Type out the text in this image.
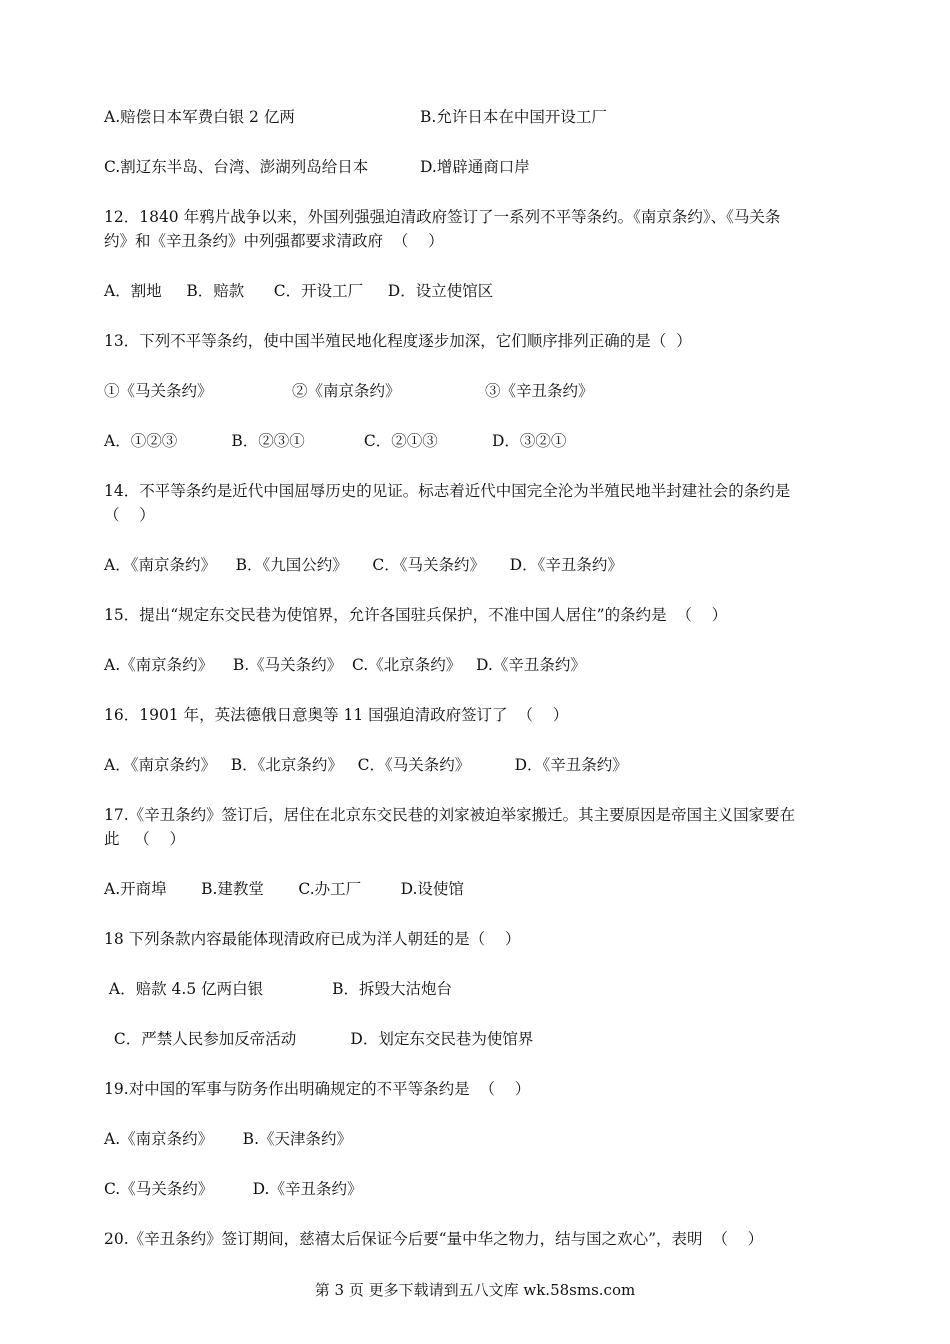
A.赔偿日本军费白银 2 亿两	B.允许日本在中国开设工厂
C.割辽东半岛、台湾、澎湖列岛给日本	D.增辟通商口岸
12．1840 年鸦片战争以来，外国列强强迫清政府签订了一系列不平等条约。《南京条约》、《马关条
约》和《辛丑条约》中列强都要求清政府  （    ）
A．割地     B．赔款      C．开设工厂     D．设立使馆区
13．下列不平等条约，使中国半殖民地化程度逐步加深，它们顺序排列正确的是（  ）
①《马关条约》	②《南京条约》	③《辛丑条约》
A．①②③           B．②③①            C．②①③           D．③②①
14．不平等条约是近代中国屈辱历史的见证。标志着近代中国完全沦为半殖民地半封建社会的条约是
（    ）
A．《南京条约》    B．《九国公约》     C．《马关条约》     D．《辛丑条约》
15．提出“规定东交民巷为使馆界，允许各国驻兵保护，不准中国人居住”的条约是  （    ）
A.《南京条约》    B.《马关条约》  C.《北京条约》   D.《辛丑条约》
16．1901 年，英法德俄日意奥等 11 国强迫清政府签订了  （    ）
A．《南京条约》   B．《北京条约》   C．《马关条约》         D．《辛丑条约》
17.《辛丑条约》签订后，居住在北京东交民巷的刘家被迫举家搬迁。其主要原因是帝国主义国家要在
此   （    ）
A.开商埠       B.建教堂       C.办工厂        D.设使馆
18 下列条款内容最能体现清政府已成为洋人朝廷的是（    ）
A．赔款 4.5 亿两白银              B．拆毁大沽炮台
C．严禁人民参加反帝活动           D．划定东交民巷为使馆界
19.对中国的军事与防务作出明确规定的不平等条约是  （    ）
A.《南京条约》      B.《天津条约》
C.《马关条约》        D.《辛丑条约》
20.《辛丑条约》签订期间，慈禧太后保证今后要“量中华之物力，结与国之欢心”，表明  （    ）
第 3 页 更多下载请到五八文库 wk.58sms.com
